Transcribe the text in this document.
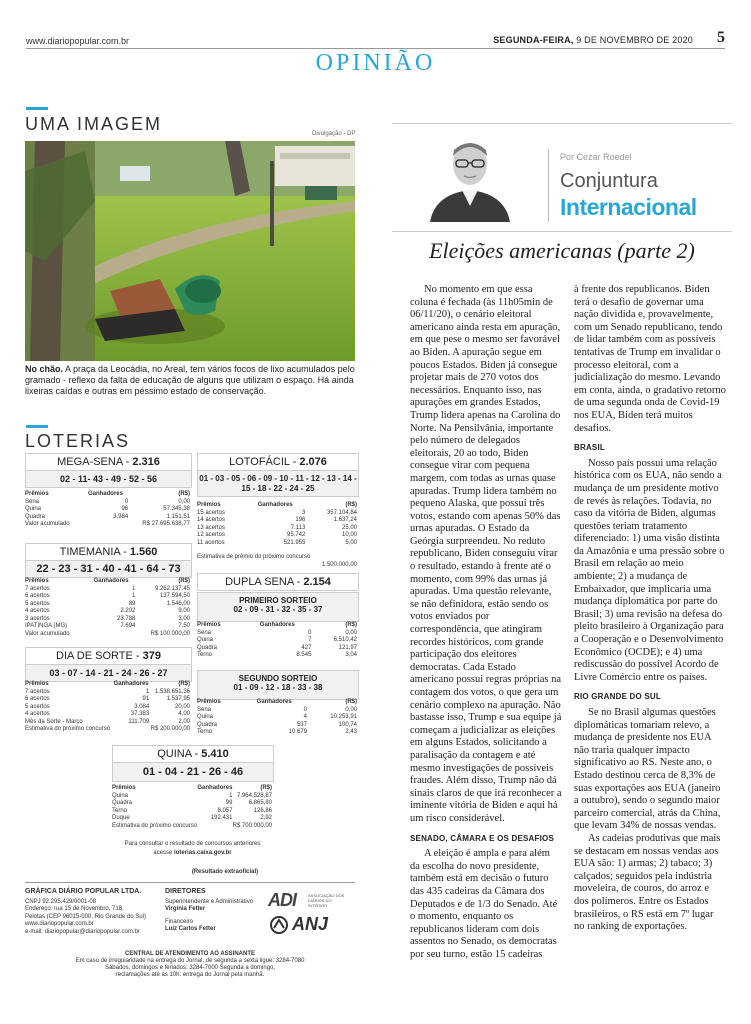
www.diariopopular.com.br	SEGUNDA-FEIRA, 9 DE NOVEMBRO DE 2020 5
OPINIÃO
UMA IMAGEM	Divulgação - DP
No chão. A praça da Leocádia, no Areal, tem vários focos de lixo acumulados pelo gramado - reflexo da falta de educação de alguns que utilizam o espaço. Há ainda lixeiras caídas e outras em péssimo estado de conservação.
LOTERIAS
MEGA-SENA - 2.316
02 - 11- 43 - 49 - 52 - 56
Prêmios	Ganhadores	(R$)
Sena	0	0,00
Quina	96	57.345,38
Quadra	3.984	1.151,51
Valor acumulado		R$ 27.695.638,77
TIMEMANIA - 1.560
22 - 23 - 31 - 40 - 41 - 64 - 73
Prêmios	Ganhadores	(R$)
7 acertos	1	9.262.137,45
6 acertos	1	137.594,50
5 acertos	89	1.546,00
4 acertos	2.202	9,00
3 acertos	23.788	3,00
IPATINGA (MG)	7.694	7,50
Valor acumulado		R$ 100.000,00
DIA DE SORTE - 379
03 - 07 - 14 - 21 - 24 - 26 - 27
Prêmios	Ganhadores	(R$)
7 acertos	1	1.538.651,36
6 acertos	91	1.537,95
5 acertos	3.084	20,00
4 acertos	37.383	4,00
Mês da Sorte - Março	111.709	2,00
Estimativa do próximo concurso		R$ 200.000,00
LOTOFÁCIL - 2.076
01 - 03 - 05 - 06 - 09 - 10 - 11 - 12 - 13 - 14 -
15 - 18 - 22 - 24 - 25
Prêmios	Ganhadores	(R$)
15 acertos	3	357.104,84
14 acertos	196	1.637,24
13 acertos	7.113	25,00
12 acertos	95.742	10,00
11 acertos	521.955	5,00
Estimativa de prêmio do próximo concurso
1.500.000,00
DUPLA SENA - 2.154
PRIMEIRO SORTEIO
02 - 09 - 31 - 32 - 35 - 37
Prêmios	Ganhadores	(R$)
Sena	0	0,00
Quina	7	6.510,42
Quadra	427	121,97
Terno	8.545	3,04
SEGUNDO SORTEIO
01 - 09 - 12 - 18 - 33 - 38
Prêmios	Ganhadores	(R$)
Sena	0	0,00
Quina	4	10.253,91
Quadra	537	100,74
Terno	10.679	2,43
QUINA - 5.410
01 - 04 - 21 - 26 - 46
Prêmios	Ganhadores	(R$)
Quina	1	7.964.528,87
Quadra	99	6.865,80
Terno	8.057	126,86
Duque	192.431	2,92
Estimativa do próximo concurso		R$ 700.000,00
Para consultar o resultado de concursos anteriores
acesse loterias.caixa.gov.br
(Resultado extraoficial)
GRÁFICA DIÁRIO POPULAR LTDA.
CNPJ 92.295.429/0001-08
Endereço: rua 15 de Novembro, 718,
Pelotas (CEP 96015-000, Rio Grande do Sul)
www.diariopopular.com.br
e-mail: diariopopular@diariopopular.com.br
DIRETORES
Superintendente e Administrativo
Virgínia Fetter
Financeiro
Luiz Carlos Fetter
ADI	ASSOCIAÇÃO DOS DIÁRIOS DO INTERIOR
ANJ
CENTRAL DE ATENDIMENTO AO ASSINANTE
Em caso de irregularidade na entrega do Jornal, de segunda a sexta ligue: 3284-7080
Sábados, domingos e feriados: 3284-7000 Segunda a domingo,
reclamações até às 10h: entrega do Jornal pela manhã.
Por Cezar Roedel
Conjuntura
Internacional
Eleições americanas (parte 2)

No momento em que essa coluna é fechada (às 11h05min de 06/11/20), o cenário eleitoral americano ainda resta em apuração, em que pese o mesmo ser favorável ao Biden. A apuração segue em poucos Estados. Biden já consegue projetar mais de 270 votos dos necessários. Enquanto isso, nas apurações em grandes Estados, Trump lidera apenas na Carolina do Norte. Na Pensilvânia, importante pelo número de delegados eleitorais, 20 ao todo, Biden consegue virar com pequena margem, com todas as urnas quase apuradas. Trump lidera também no pequeno Alaska, que possui três votos, estando com apenas 50% das urnas apuradas. O Estado da Geórgia surpreendeu. No reduto republicano, Biden conseguiu virar o resultado, estando à frente até o momento, com 99% das urnas já apuradas. Uma questão relevante, se não definidora, estão sendo os votos enviados por correspondência, que atingiram recordes históricos, com grande participação dos eleitores democratas. Cada Estado americano possui regras próprias na contagem dos votos, o que gera um cenário complexo na apuração. Não bastasse isso, Trump e sua equipe já começam a judicializar as eleições em alguns Estados, solicitando a paralisação da contagem e até mesmo investigações de possíveis fraudes. Além disso, Trump não dá sinais claros de que irá reconhecer a iminente vitória de Biden e aqui há um risco considerável.

SENADO, CÂMARA E OS DESAFIOS

A eleição é ampla e para além da escolha do novo presidente, também está em decisão o futuro das 435 cadeiras da Câmara dos Deputados e de 1/3 do Senado. Até o momento, enquanto os republicanos lideram com dois assentos no Senado, os democratas por seu turno, estão 15 cadeiras

à frente dos republicanos. Biden terá o desafio de governar uma nação dividida e, provavelmente, com um Senado republicano, tendo de lidar também com as possíveis tentativas de Trump em invalidar o processo eleitoral, com a judicialização do mesmo. Levando em conta, ainda, o gradativo retorno de uma segunda onda de Covid-19 nos EUA, Biden terá muitos desafios.

BRASIL

Nosso país possui uma relação histórica com os EUA, não sendo a mudança de um presidente motivo de revés às relações. Todavia, no caso da vitória de Biden, algumas questões teriam tratamento diferenciado: 1) uma visão distinta da Amazônia e uma pressão sobre o Brasil em relação ao meio ambiente; 2) a mudança de Embaixador, que implicaria uma mudança diplomática por parte do Brasil; 3) uma revisão na defesa do pleito brasileiro à Organização para a Cooperação e o Desenvolvimento Econômico (OCDE); e 4) uma rediscussão do possível Acordo de Livre Comércio entre os países.

RIO GRANDE DO SUL

Se no Brasil algumas questões diplomáticas tomariam relevo, a mudança de presidente nos EUA não traria qualquer impacto significativo ao RS. Neste ano, o Estado destinou cerca de 8,3% de suas exportações aos EUA (janeiro a outubro), sendo o segundo maior parceiro comercial, atrás da China, que levam 34% de nossas vendas.

As cadeias produtivas que mais se destacam em nossas vendas aos EUA são: 1) armas; 2) tabaco; 3) calçados; seguidos pela indústria moveleira, de couros, do arroz e dos polímeros. Entre os Estados brasileiros, o RS está em 7º lugar no ranking de exportações.
